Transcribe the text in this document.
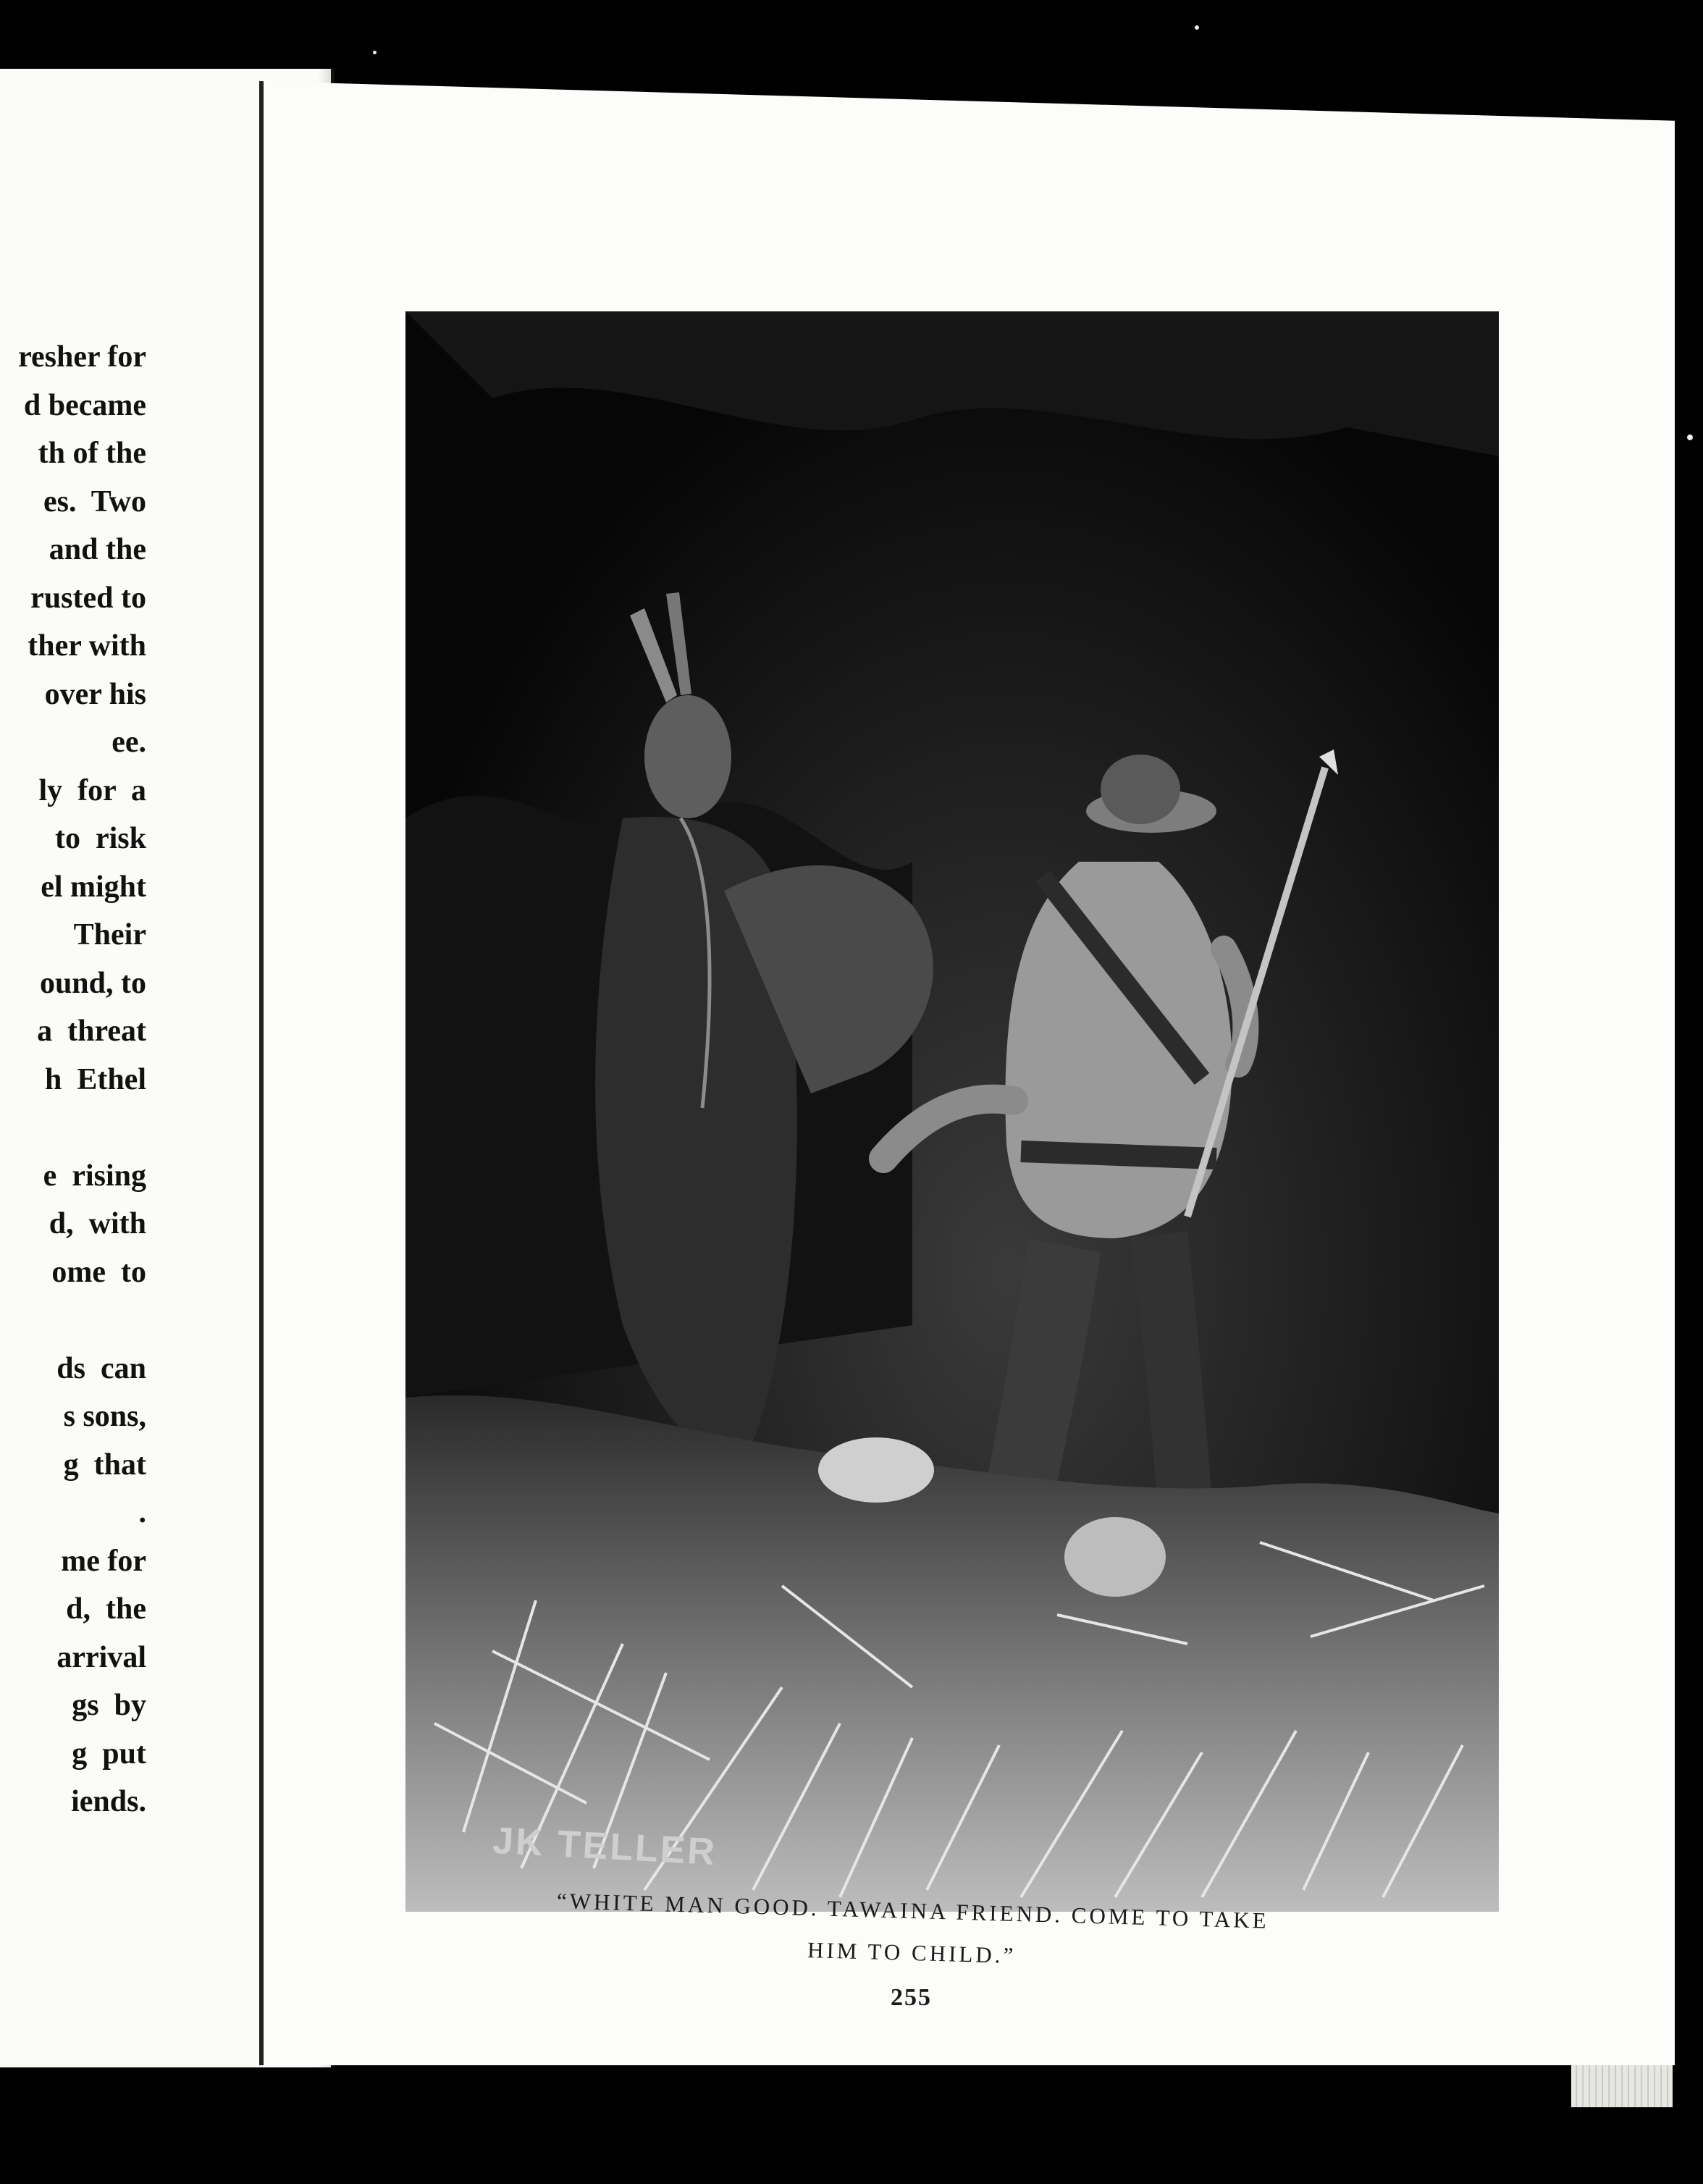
resher for
d became
th of the
es.  Two
and the
rusted to
ther with
over his
ee.
ly  for  a
to  risk
el might
Their
ound, to
a  threat
h  Ethel
e  rising
d,  with
ome  to
ds  can
s sons,
g  that
.
me for
d,  the
arrival
gs  by
g  put
iends.
JK TELLER
“WHITE MAN GOOD. TAWAINA FRIEND. COME TO TAKE
HIM TO CHILD.”
255
